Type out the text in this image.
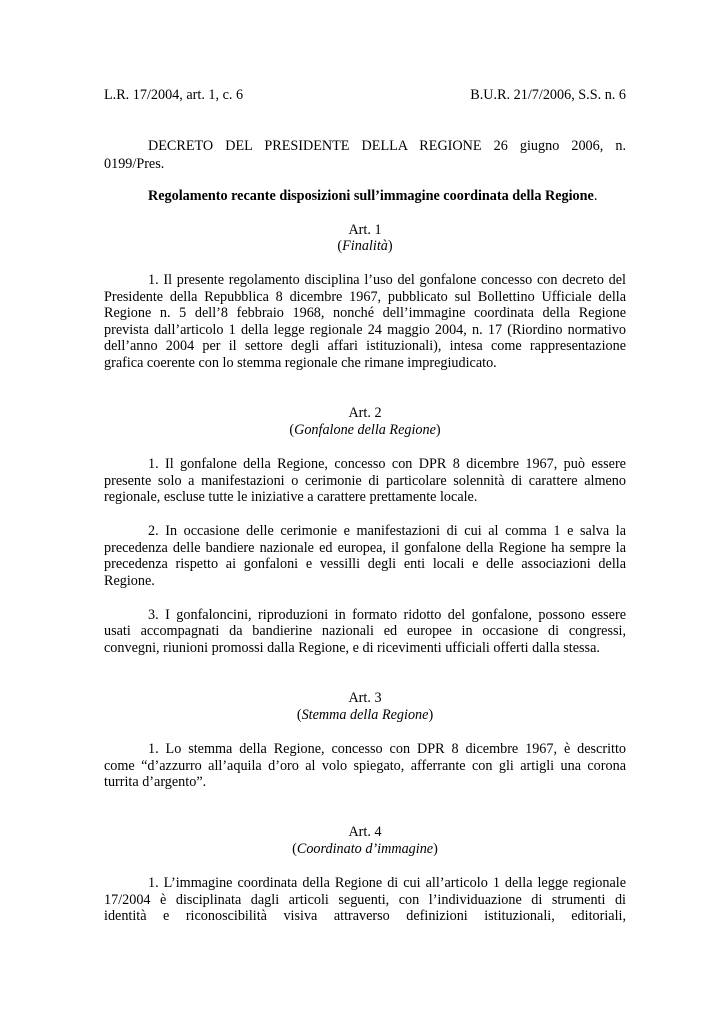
L.R. 17/2004, art. 1, c. 6	B.U.R. 21/7/2006, S.S. n. 6
DECRETO DEL PRESIDENTE DELLA REGIONE 26 giugno 2006, n.
0199/Pres.
Regolamento recante disposizioni sull’immagine coordinata della Regione.
Art. 1
(Finalità)
1. Il presente regolamento disciplina l’uso del gonfalone concesso con decreto del
Presidente della Repubblica 8 dicembre 1967, pubblicato sul Bollettino Ufficiale della
Regione n. 5 dell’8 febbraio 1968, nonché dell’immagine coordinata della Regione
prevista dall’articolo 1 della legge regionale 24 maggio 2004, n. 17 (Riordino normativo
dell’anno 2004 per il settore degli affari istituzionali), intesa come rappresentazione
grafica coerente con lo stemma regionale che rimane impregiudicato.
Art. 2
(Gonfalone della Regione)
1. Il gonfalone della Regione, concesso con DPR 8 dicembre 1967, può essere
presente solo a manifestazioni o cerimonie di particolare solennità di carattere almeno
regionale, escluse tutte le iniziative a carattere prettamente locale.
2. In occasione delle cerimonie e manifestazioni di cui al comma 1 e salva la
precedenza delle bandiere nazionale ed europea, il gonfalone della Regione ha sempre la
precedenza rispetto ai gonfaloni e vessilli degli enti locali e delle associazioni della
Regione.
3. I gonfaloncini, riproduzioni in formato ridotto del gonfalone, possono essere
usati accompagnati da bandierine nazionali ed europee in occasione di congressi,
convegni, riunioni promossi dalla Regione, e di ricevimenti ufficiali offerti dalla stessa.
Art. 3
(Stemma della Regione)
1. Lo stemma della Regione, concesso con DPR 8 dicembre 1967, è descritto
come “d’azzurro all’aquila d’oro al volo spiegato, afferrante con gli artigli una corona
turrita d’argento”.
Art. 4
(Coordinato d’immagine)
1. L’immagine coordinata della Regione di cui all’articolo 1 della legge regionale
17/2004 è disciplinata dagli articoli seguenti, con l’individuazione di strumenti di
identità e riconoscibilità visiva attraverso definizioni istituzionali, editoriali,
